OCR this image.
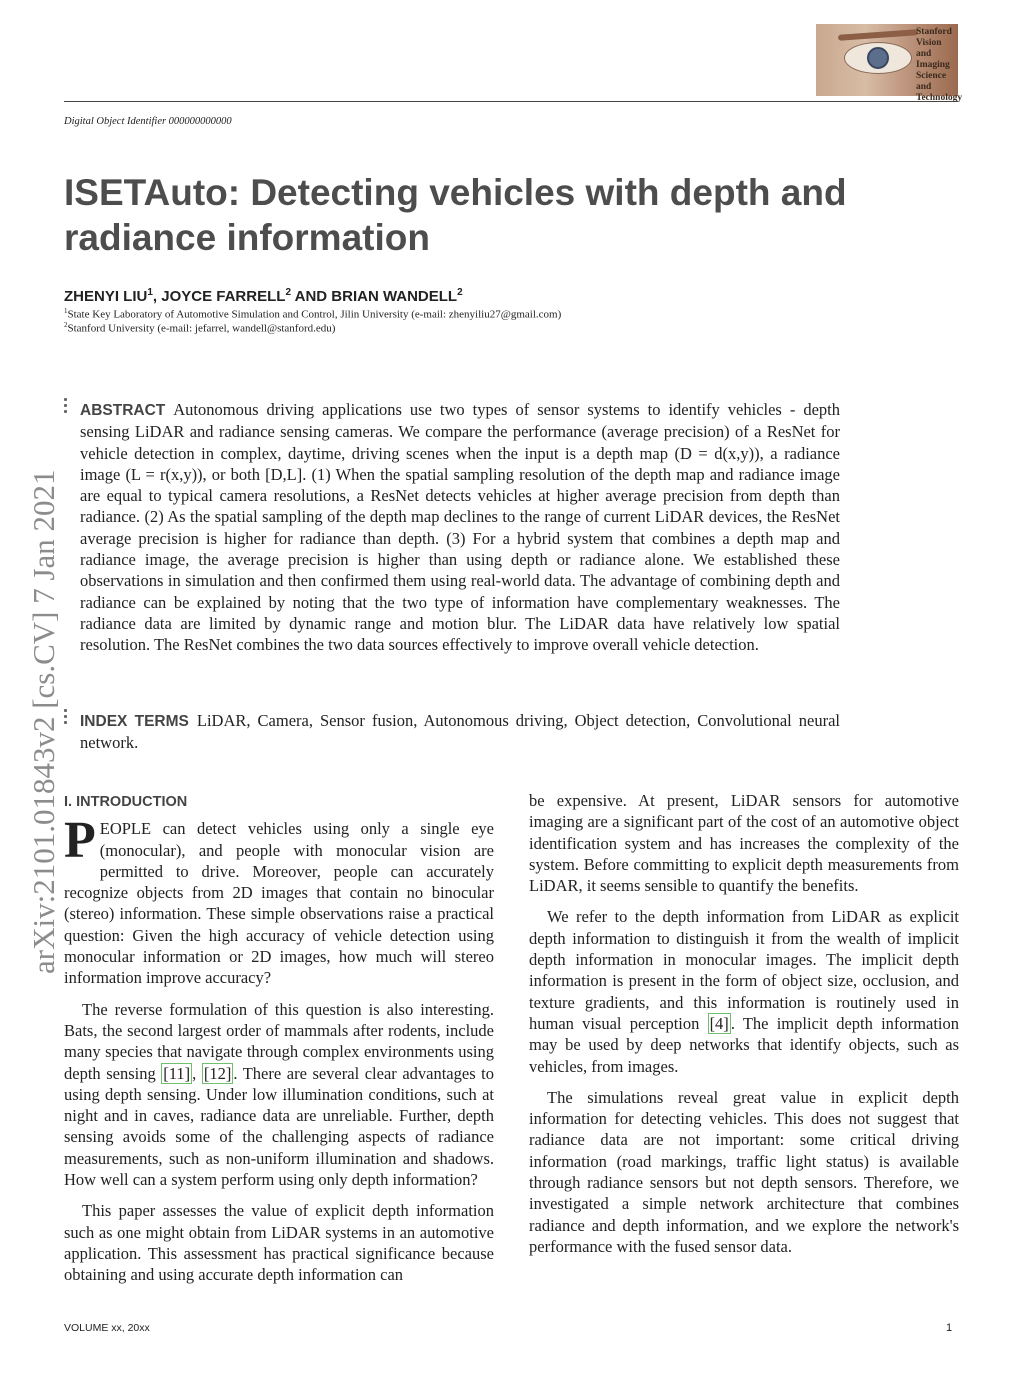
Stanford
Vision and
Imaging
Science and
Technology
Digital Object Identifier 000000000000
ISETAuto: Detecting vehicles with depth and radiance information
ZHENYI LIU$^1$, JOYCE FARRELL$^2$ AND BRIAN WANDELL$^2$
$^1$State Key Laboratory of Automotive Simulation and Control, Jilin University (e-mail: zhenyiliu27@gmail.com)
$^2$Stanford University (e-mail: jefarrel, wandell@stanford.edu)
arXiv:2101.01843v2 [cs.CV] 7 Jan 2021
ABSTRACT Autonomous driving applications use two types of sensor systems to identify vehicles - depth sensing LiDAR and radiance sensing cameras. We compare the performance (average precision) of a ResNet for vehicle detection in complex, daytime, driving scenes when the input is a depth map (D = d(x,y)), a radiance image (L = r(x,y)), or both [D,L]. (1) When the spatial sampling resolution of the depth map and radiance image are equal to typical camera resolutions, a ResNet detects vehicles at higher average precision from depth than radiance. (2) As the spatial sampling of the depth map declines to the range of current LiDAR devices, the ResNet average precision is higher for radiance than depth. (3) For a hybrid system that combines a depth map and radiance image, the average precision is higher than using depth or radiance alone. We established these observations in simulation and then confirmed them using real-world data. The advantage of combining depth and radiance can be explained by noting that the two type of information have complementary weaknesses. The radiance data are limited by dynamic range and motion blur. The LiDAR data have relatively low spatial resolution. The ResNet combines the two data sources effectively to improve overall vehicle detection.
INDEX TERMS LiDAR, Camera, Sensor fusion, Autonomous driving, Object detection, Convolutional neural network.
I. INTRODUCTION

PEOPLE can detect vehicles using only a single eye (monocular), and people with monocular vision are permitted to drive. Moreover, people can accurately recognize objects from 2D images that contain no binocular (stereo) information. These simple observations raise a practical question: Given the high accuracy of vehicle detection using monocular information or 2D images, how much will stereo information improve accuracy?

The reverse formulation of this question is also interesting. Bats, the second largest order of mammals after rodents, include many species that navigate through complex environments using depth sensing [11] , [12] . There are several clear advantages to using depth sensing. Under low illumination conditions, such at night and in caves, radiance data are unreliable. Further, depth sensing avoids some of the challenging aspects of radiance measurements, such as non-uniform illumination and shadows. How well can a system perform using only depth information?

This paper assesses the value of explicit depth information such as one might obtain from LiDAR systems in an automotive application. This assessment has practical significance because obtaining and using accurate depth information can

be expensive. At present, LiDAR sensors for automotive imaging are a significant part of the cost of an automotive object identification system and has increases the complexity of the system. Before committing to explicit depth measurements from LiDAR, it seems sensible to quantify the benefits.

We refer to the depth information from LiDAR as explicit depth information to distinguish it from the wealth of implicit depth information in monocular images. The implicit depth information is present in the form of object size, occlusion, and texture gradients, and this information is routinely used in human visual perception [4] . The implicit depth information may be used by deep networks that identify objects, such as vehicles, from images.

The simulations reveal great value in explicit depth information for detecting vehicles. This does not suggest that radiance data are not important: some critical driving information (road markings, traffic light status) is available through radiance sensors but not depth sensors. Therefore, we investigated a simple network architecture that combines radiance and depth information, and we explore the network's performance with the fused sensor data.

VOLUME xx, 20xx	1
